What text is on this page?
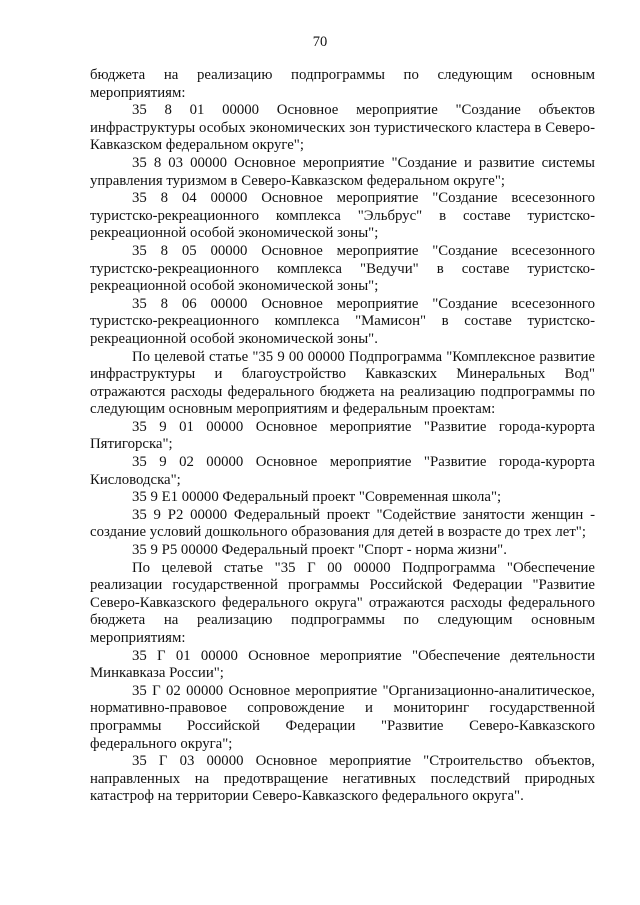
70

бюджета на реализацию подпрограммы по следующим основным мероприятиям:

35 8 01 00000 Основное мероприятие "Создание объектов инфраструктуры особых экономических зон туристического кластера в Северо-Кавказском федеральном округе";

35 8 03 00000 Основное мероприятие "Создание и развитие системы управления туризмом в Северо-Кавказском федеральном округе";

35 8 04 00000 Основное мероприятие "Создание всесезонного туристско-рекреационного комплекса "Эльбрус" в составе туристско-рекреационной особой экономической зоны";

35 8 05 00000 Основное мероприятие "Создание всесезонного туристско-рекреационного комплекса "Ведучи" в составе туристско-рекреационной особой экономической зоны";

35 8 06 00000 Основное мероприятие "Создание всесезонного туристско-рекреационного комплекса "Мамисон" в составе туристско-рекреационной особой экономической зоны".

По целевой статье "35 9 00 00000 Подпрограмма "Комплексное развитие инфраструктуры и благоустройство Кавказских Минеральных Вод" отражаются расходы федерального бюджета на реализацию подпрограммы по следующим основным мероприятиям и федеральным проектам:

35 9 01 00000 Основное мероприятие "Развитие города-курорта Пятигорска";

35 9 02 00000 Основное мероприятие "Развитие города-курорта Кисловодска";

35 9 Е1 00000 Федеральный проект "Современная школа";

35 9 Р2 00000 Федеральный проект "Содействие занятости женщин - создание условий дошкольного образования для детей в возрасте до трех лет";

35 9 Р5 00000 Федеральный проект "Спорт - норма жизни".

По целевой статье "35 Г 00 00000 Подпрограмма "Обеспечение реализации государственной программы Российской Федерации "Развитие Северо-Кавказского федерального округа" отражаются расходы федерального бюджета на реализацию подпрограммы по следующим основным мероприятиям:

35 Г 01 00000 Основное мероприятие "Обеспечение деятельности Минкавказа России";

35 Г 02 00000 Основное мероприятие "Организационно-аналитическое, нормативно-правовое сопровождение и мониторинг государственной программы Российской Федерации "Развитие Северо-Кавказского федерального округа";

35 Г 03 00000 Основное мероприятие "Строительство объектов, направленных на предотвращение негативных последствий природных катастроф на территории Северо-Кавказского федерального округа".
